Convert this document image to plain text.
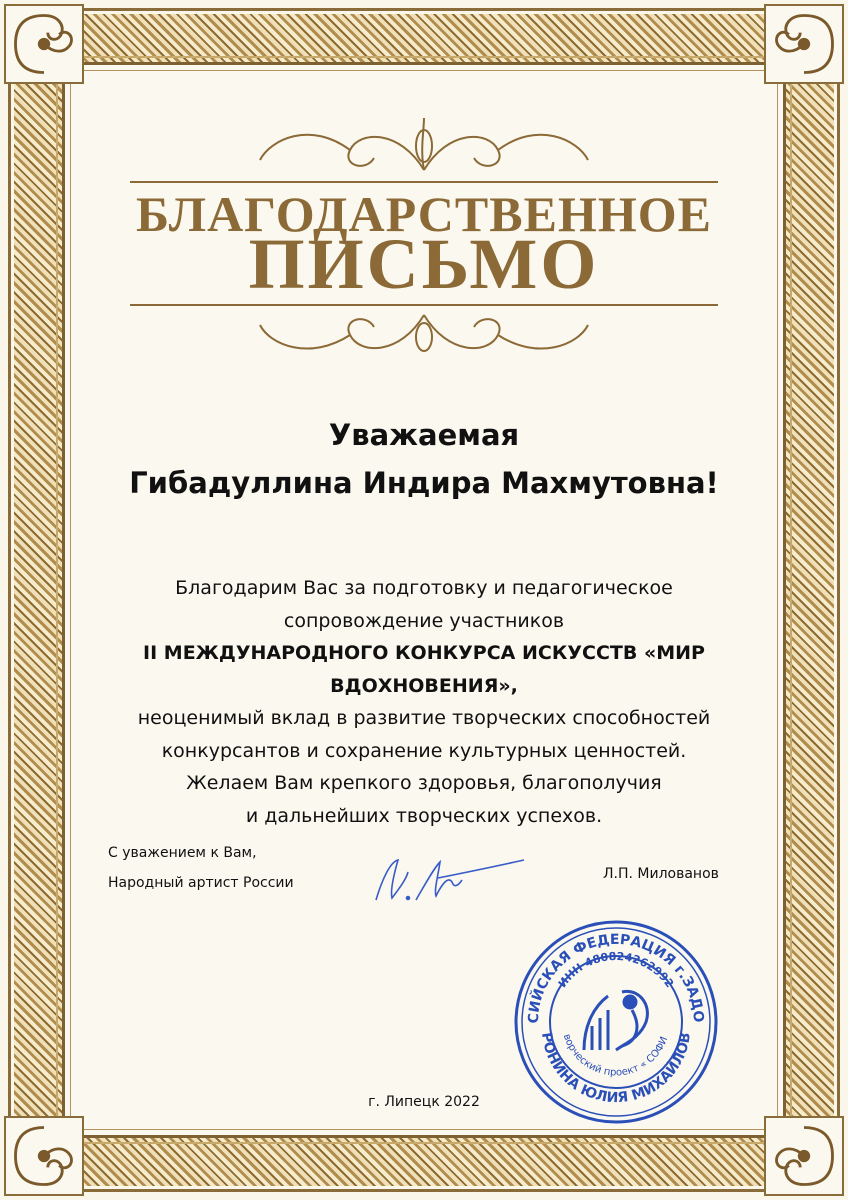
БЛАГОДАРСТВЕННОЕ
ПИСЬМО
Уважаемая
Гибадуллина Индира Махмутовна!
Благодарим Вас за подготовку и педагогическое
сопровождение участников
II МЕЖДУНАРОДНОГО КОНКУРСА ИСКУССТВ «МИР ВДОХНОВЕНИЯ»,
неоценимый вклад в развитие творческих способностей
конкурсантов и сохранение культурных ценностей.
Желаем Вам крепкого здоровья, благополучия
и дальнейших творческих успехов.
С уважением к Вам,
Народный артист России
Л.П. Милованов
СИЙСКАЯ ФЕДЕРАЦИЯ г.ЗАДО
РОНИНА ЮЛИЯ МИХАЙЛОВ
ИНН 480824262992
ворческий проект « СОФИ
г. Липецк 2022
